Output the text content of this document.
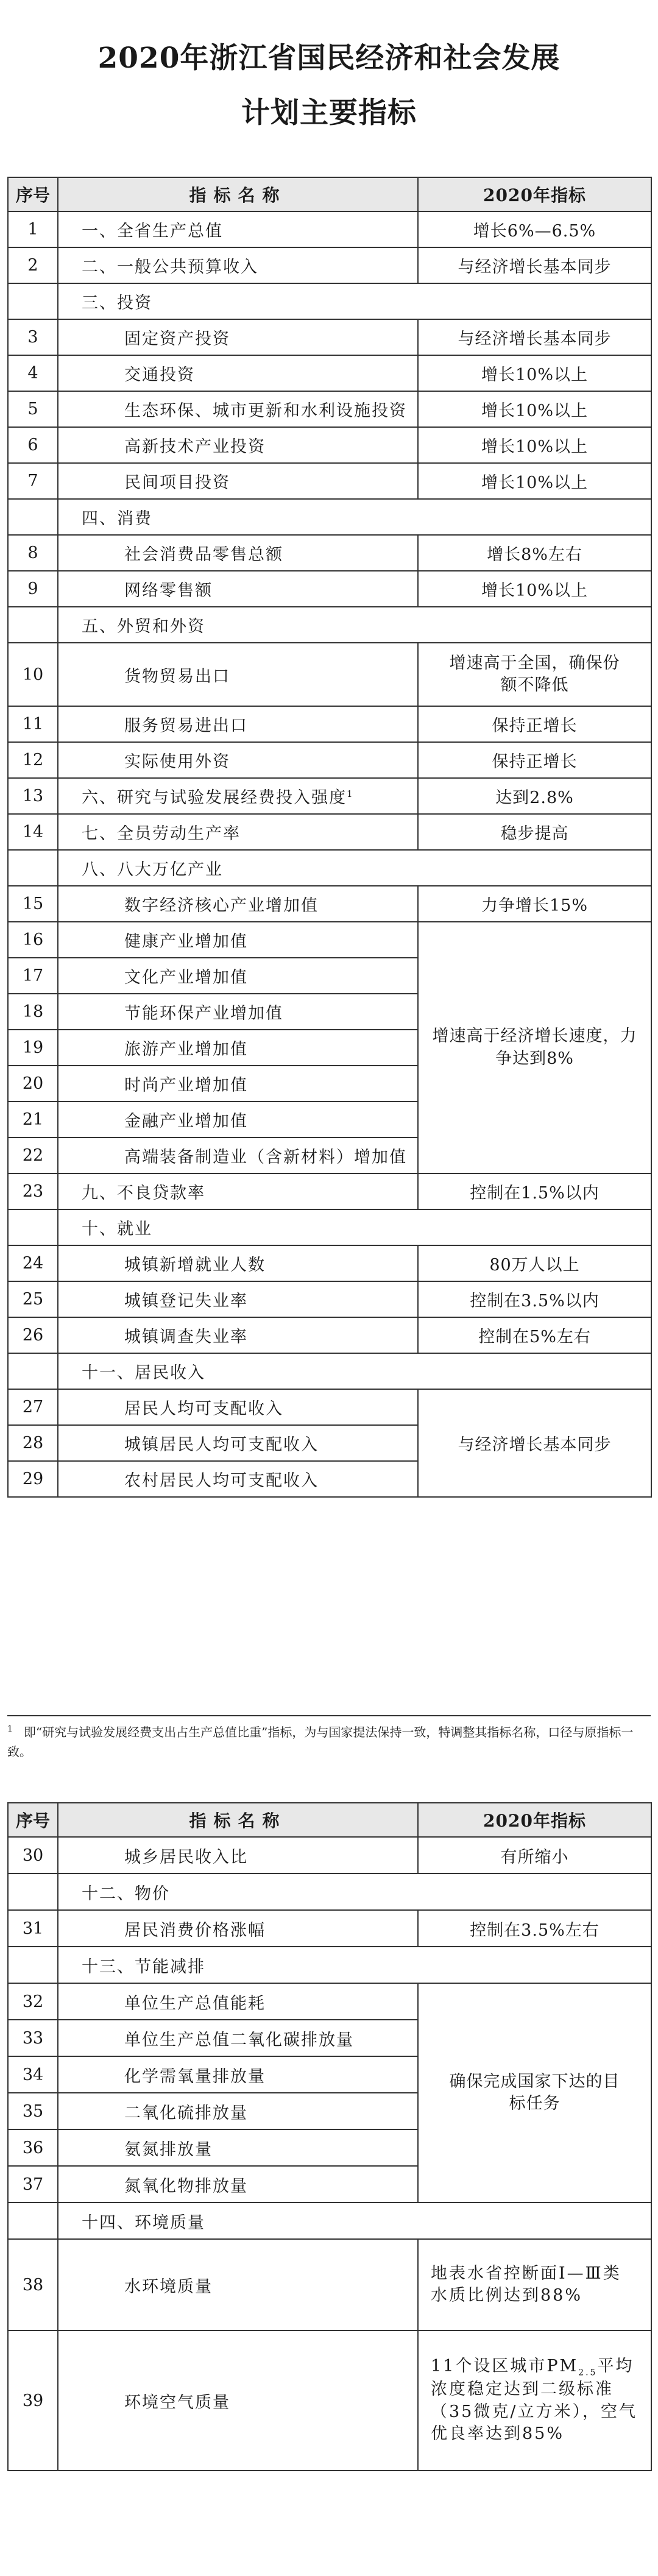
2020年浙江省国民经济和社会发展
计划主要指标
序号	指标名称	2020年指标
1	一、全省生产总值	增长6%—6.5%
2	二、一般公共预算收入	与经济增长基本同步
	三、投资	
3	固定资产投资	与经济增长基本同步
4	交通投资	增长10%以上
5	生态环保、城市更新和水利设施投资	增长10%以上
6	高新技术产业投资	增长10%以上
7	民间项目投资	增长10%以上
	四、消费	
8	社会消费品零售总额	增长8%左右
9	网络零售额	增长10%以上
	五、外贸和外资	
10	货物贸易出口	增速高于全国，确保份额不降低
11	服务贸易进出口	保持正增长
12	实际使用外资	保持正增长
13	六、研究与试验发展经费投入强度$^1$	达到2.8%
14	七、全员劳动生产率	稳步提高
	八、八大万亿产业	
15	数字经济核心产业增加值	力争增长15%
16	健康产业增加值	增速高于经济增长速度，力争达到8%
17	文化产业增加值	
18	节能环保产业增加值	
19	旅游产业增加值	
20	时尚产业增加值	
21	金融产业增加值	
22	高端装备制造业（含新材料）增加值	
23	九、不良贷款率	控制在1.5%以内
	十、就业	
24	城镇新增就业人数	80万人以上
25	城镇登记失业率	控制在3.5%以内
26	城镇调查失业率	控制在5%左右
	十一、居民收入	
27	居民人均可支配收入	与经济增长基本同步
28	城镇居民人均可支配收入	
29	农村居民人均可支配收入	
$^1$ 即“研究与试验发展经费支出占生产总值比重”指标，为与国家提法保持一致，特调整其指标名称，口径与原指标一致。
序号	指标名称	2020年指标
30	城乡居民收入比	有所缩小
	十二、物价	
31	居民消费价格涨幅	控制在3.5%左右
	十三、节能减排	
32	单位生产总值能耗	确保完成国家下达的目标任务
33	单位生产总值二氧化碳排放量	
34	化学需氧量排放量	
35	二氧化硫排放量	
36	氨氮排放量	
37	氮氧化物排放量	
	十四、环境质量	
38	水环境质量	地表水省控断面Ⅰ—Ⅲ类水质比例达到88%
39	环境空气质量	11个设区城市$PM_{2.5}$平均浓度稳定达到二级标准（35微克/立方米），空气优良率达到85%
